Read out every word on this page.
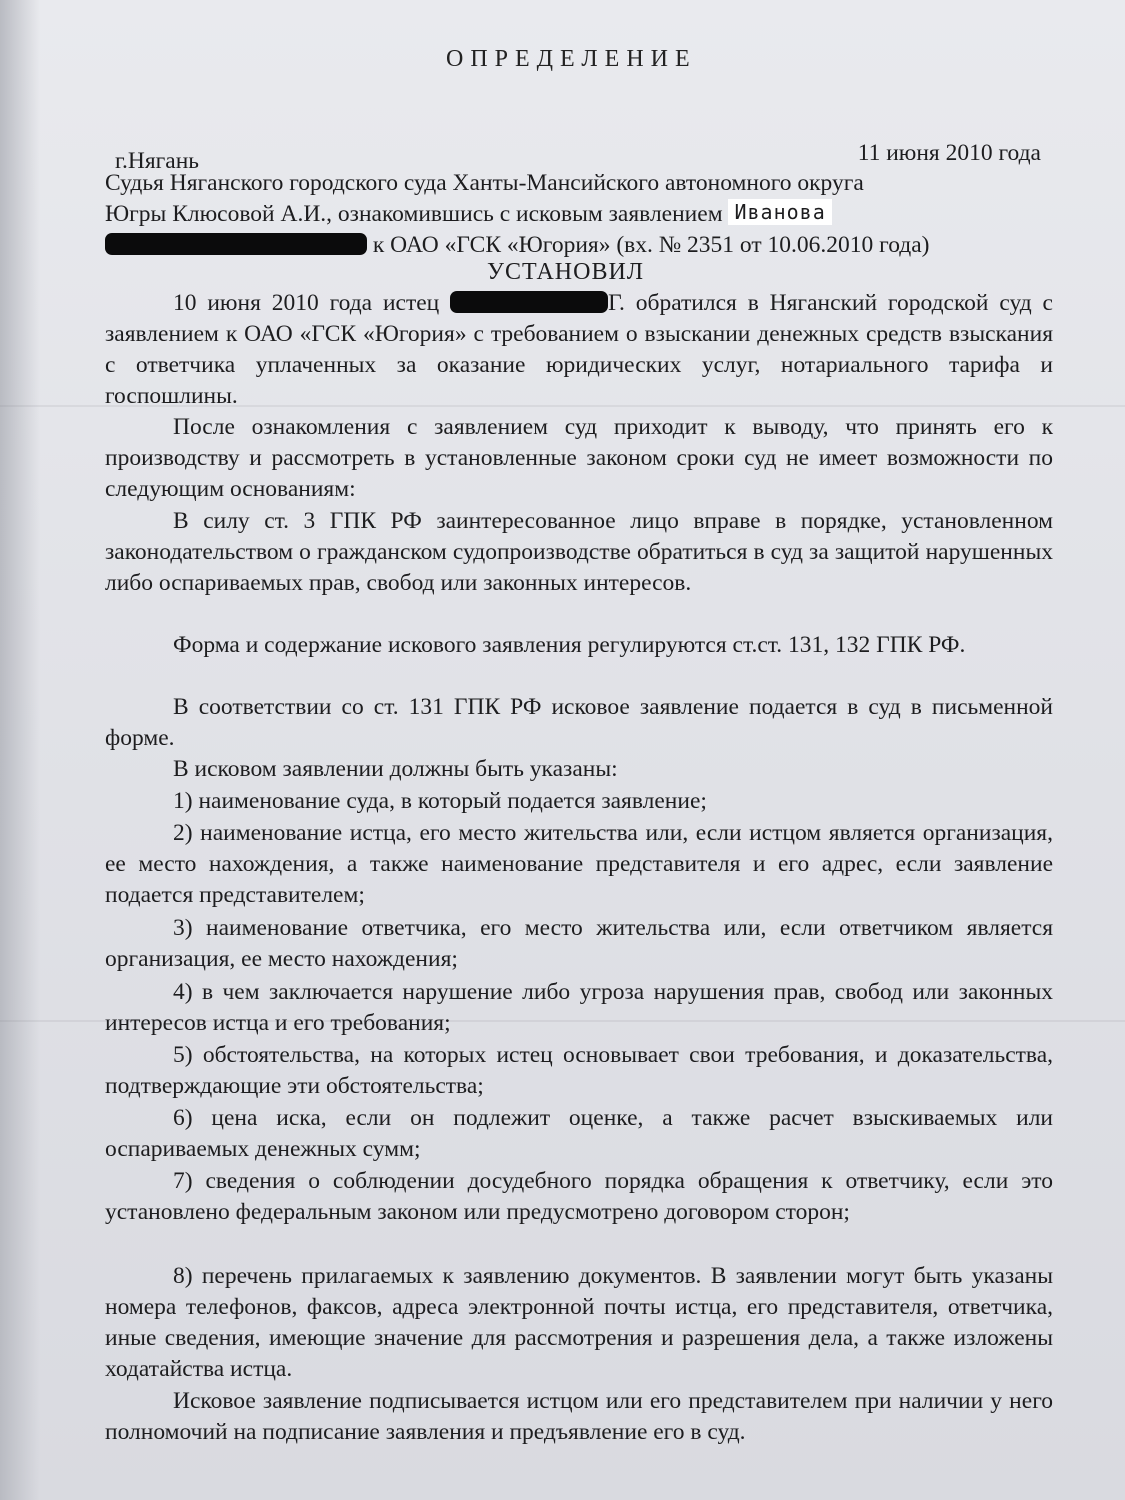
ОПРЕДЕЛЕНИЕ
г.Нягань	11 июня 2010 года

Судья Няганского городского суда Ханты-Мансийского автономного округа

Югры Клюсовой А.И., ознакомившись с исковым заявлением Иванова

к ОАО «ГСК «Югория» (вх. № 2351 от 10.06.2010 года)

УСТАНОВИЛ

10 июня 2010 года истец	Г. обратился в Няганский городской суд с заявлением к ОАО «ГСК «Югория» с требованием о взыскании денежных средств взыскания с ответчика уплаченных за оказание юридических услуг, нотариального тарифа и госпошлины.

После ознакомления с заявлением суд приходит к выводу, что принять его к производству и рассмотреть в установленные законом сроки суд не имеет возможности по следующим основаниям:

В силу ст. 3 ГПК РФ заинтересованное лицо вправе в порядке, установленном законодательством о гражданском судопроизводстве обратиться в суд за защитой нарушенных либо оспариваемых прав, свобод или законных интересов.

Форма и содержание искового заявления регулируются ст.ст. 131, 132 ГПК РФ.

В соответствии со ст. 131 ГПК РФ исковое заявление подается в суд в письменной форме.

В исковом заявлении должны быть указаны:

1) наименование суда, в который подается заявление;

2) наименование истца, его место жительства или, если истцом является организация, ее место нахождения, а также наименование представителя и его адрес, если заявление подается представителем;

3) наименование ответчика, его место жительства или, если ответчиком является организация, ее место нахождения;

4) в чем заключается нарушение либо угроза нарушения прав, свобод или законных интересов истца и его требования;

5) обстоятельства, на которых истец основывает свои требования, и доказательства, подтверждающие эти обстоятельства;

6) цена иска, если он подлежит оценке, а также расчет взыскиваемых или оспариваемых денежных сумм;

7) сведения о соблюдении досудебного порядка обращения к ответчику, если это установлено федеральным законом или предусмотрено договором сторон;

8) перечень прилагаемых к заявлению документов. В заявлении могут быть указаны номера телефонов, факсов, адреса электронной почты истца, его представителя, ответчика, иные сведения, имеющие значение для рассмотрения и разрешения дела, а также изложены ходатайства истца.

Исковое заявление подписывается истцом или его представителем при наличии у него полномочий на подписание заявления и предъявление его в суд.
